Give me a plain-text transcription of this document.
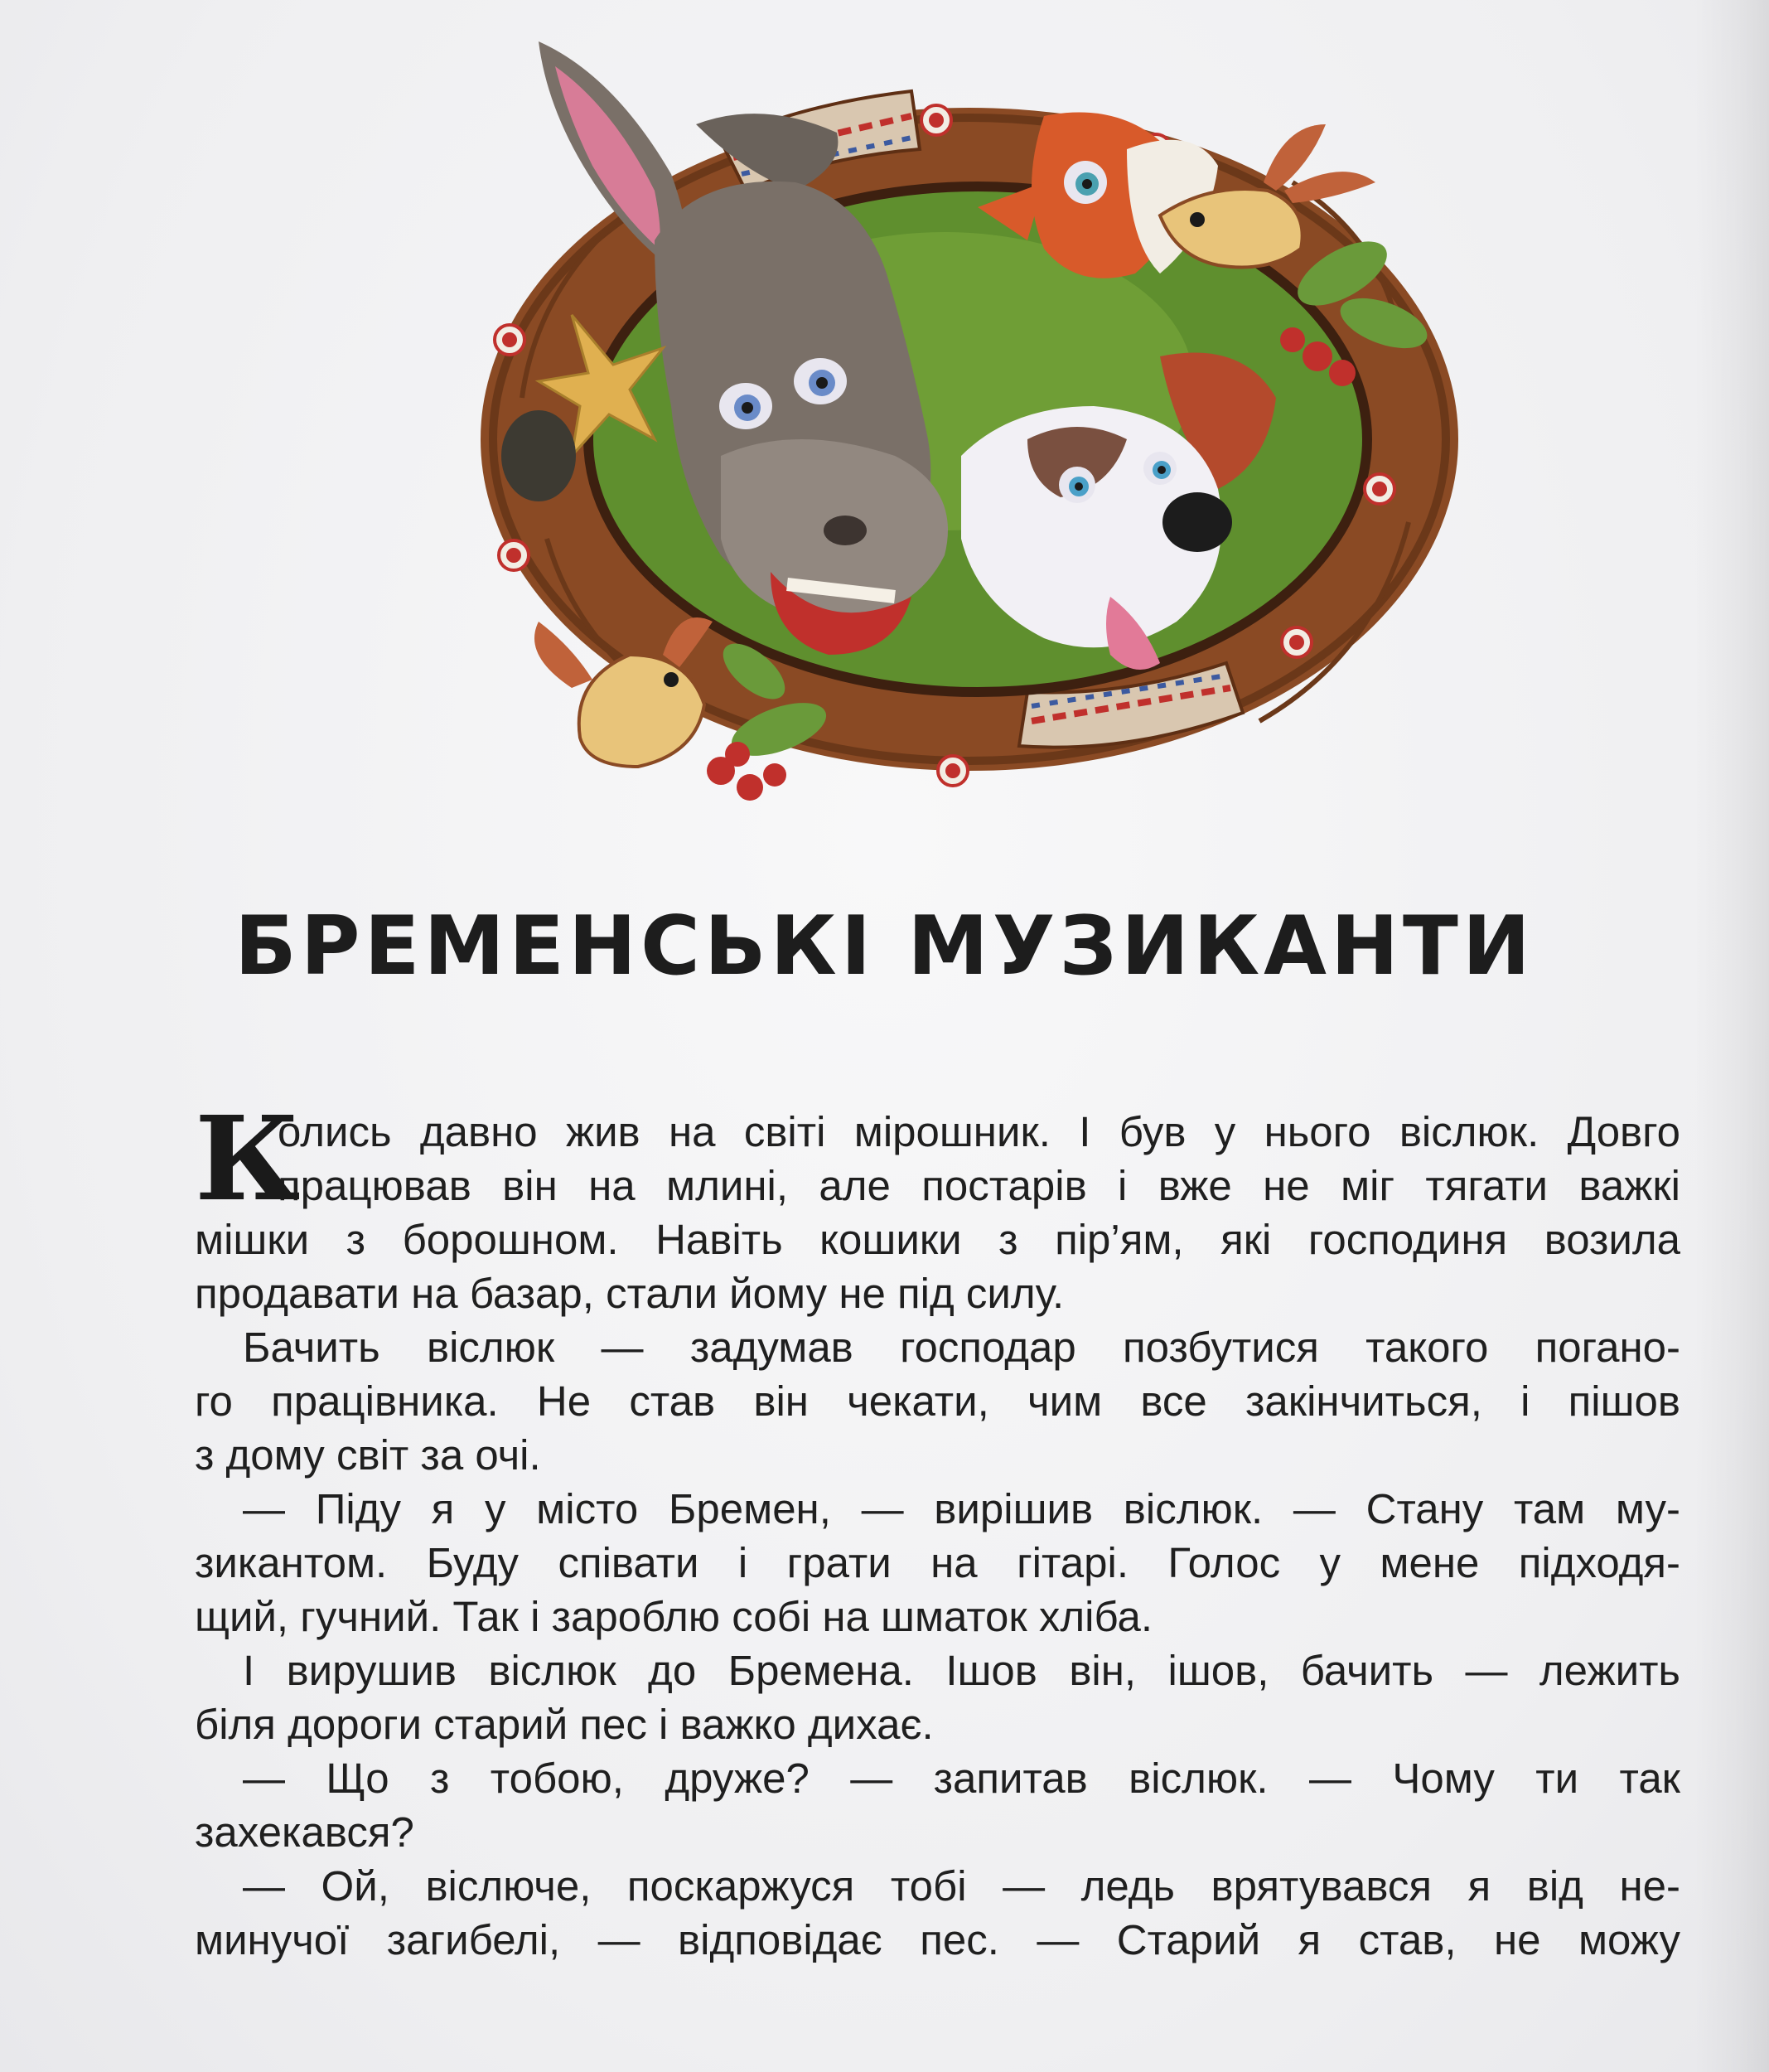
БРЕМЕНСЬКІ МУЗИКАНТИ
К
олись давно жив на світі мірошник. І був у нього віслюк. Довго
працював він на млині, але постарів і вже не міг тягати важкі
мішки з борошном. Навіть кошики з пір’ям, які господиня возила
продавати на базар, стали йому не під силу.
Бачить віслюк — задумав господар позбутися такого погано-
го працівника. Не став він чекати, чим все закінчиться, і пішов
з дому світ за очі.
— Піду я у місто Бремен, — вирішив віслюк. — Стану там му-
зикантом. Буду співати і грати на гітарі. Голос у мене підходя-
щий, гучний. Так і зароблю собі на шматок хліба.
І вирушив віслюк до Бремена. Ішов він, ішов, бачить — лежить
біля дороги старий пес і важко дихає.
— Що з тобою, друже? — запитав віслюк. — Чому ти так
захекався?
— Ой, віслюче, поскаржуся тобі — ледь врятувався я від не-
минучої загибелі, — відповідає пес. — Старий я став, не можу
